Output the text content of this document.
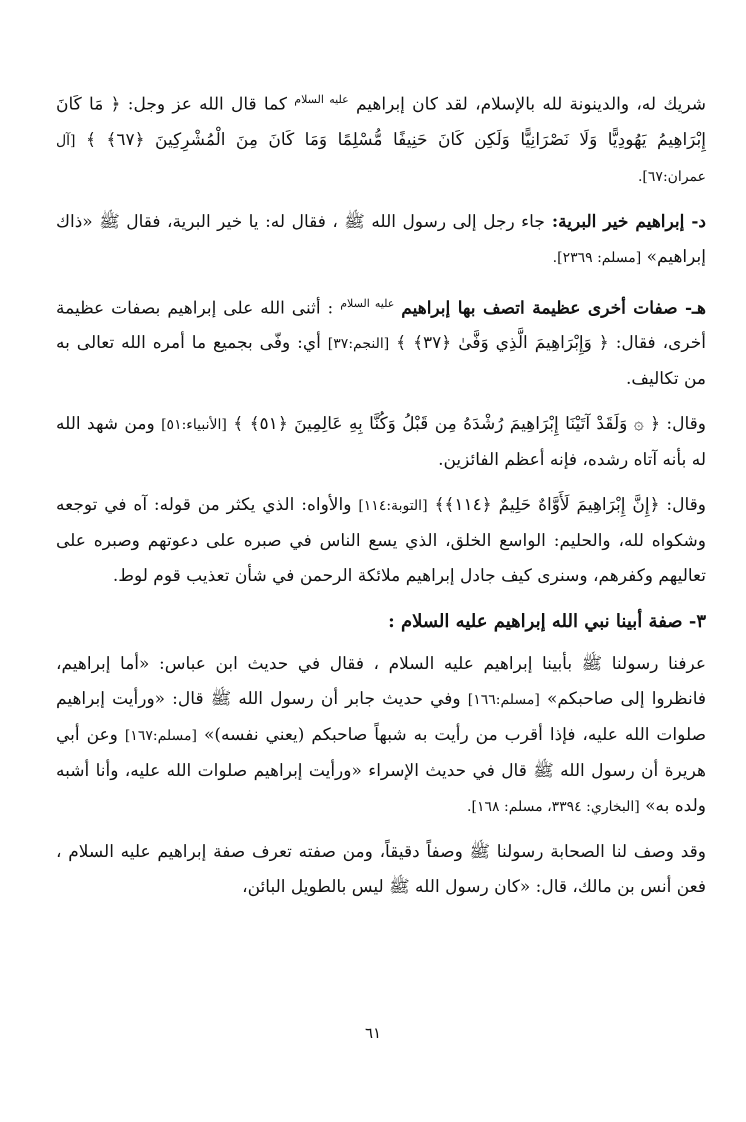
شريك له، والدينونة لله بالإسلام، لقد كان إبراهيم $^{عليه السلام}$ كما قال الله عز وجل: ﴿ مَا كَانَ إِبْرَاهِيمُ يَهُودِيًّا وَلَا نَصْرَانِيًّا وَلَكِن كَانَ حَنِيفًا مُّسْلِمًا وَمَا كَانَ مِنَ الْمُشْرِكِينَ ﴿٦٧﴾ ﴾ [آل عمران:٦٧].

د- إبراهيم خير البرية: جاء رجل إلى رسول الله ﷺ ، فقال له: يا خير البرية، فقال ﷺ «ذاك إبراهيم» [مسلم: ٢٣٦٩].

هـ- صفات أخرى عظيمة اتصف بها إبراهيم $^{عليه السلام}$ : أثنى الله على إبراهيم بصفات عظيمة أخرى، فقال: ﴿ وَإِبْرَاهِيمَ الَّذِي وَفَّىٰ ﴿٣٧﴾ ﴾ [النجم:٣٧] أي: وفّى بجميع ما أمره الله تعالى به من تكاليف.

وقال: ﴿ ۞ وَلَقَدْ آتَيْنَا إِبْرَاهِيمَ رُشْدَهُ مِن قَبْلُ وَكُنَّا بِهِ عَالِمِينَ ﴿٥١﴾ ﴾ [الأنبياء:٥١] ومن شهد الله له بأنه آتاه رشده، فإنه أعظم الفائزين.

وقال: ﴿إِنَّ إِبْرَاهِيمَ لَأَوَّاهٌ حَلِيمٌ ﴿١١٤﴾﴾ [التوبة:١١٤] والأواه: الذي يكثر من قوله: آه في توجعه وشكواه لله، والحليم: الواسع الخلق، الذي يسع الناس في صبره على دعوتهم وصبره على تعاليهم وكفرهم، وسنرى كيف جادل إبراهيم ملائكة الرحمن في شأن تعذيب قوم لوط.

٣- صفة أبينا نبي الله إبراهيم عليه السلام :

عرفنا رسولنا ﷺ بأبينا إبراهيم عليه السلام ، فقال في حديث ابن عباس: «أما إبراهيم، فانظروا إلى صاحبكم» [مسلم:١٦٦] وفي حديث جابر أن رسول الله ﷺ قال: «ورأيت إبراهيم صلوات الله عليه، فإذا أقرب من رأيت به شبهاً صاحبكم (يعني نفسه)» [مسلم:١٦٧] وعن أبي هريرة أن رسول الله ﷺ قال في حديث الإسراء «ورأيت إبراهيم صلوات الله عليه، وأنا أشبه ولده به» [البخاري: ٣٣٩٤، مسلم: ١٦٨].

وقد وصف لنا الصحابة رسولنا ﷺ وصفاً دقيقاً، ومن صفته تعرف صفة إبراهيم عليه السلام ، فعن أنس بن مالك، قال: «كان رسول الله ﷺ ليس بالطويل البائن،

٦١
